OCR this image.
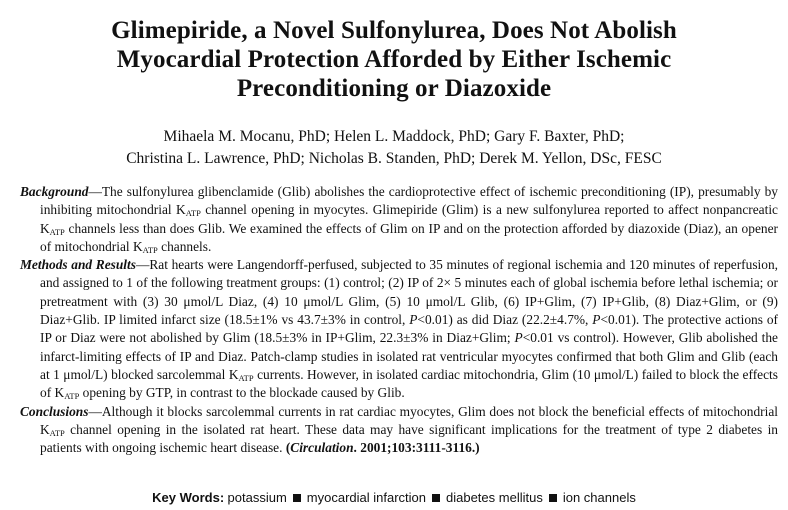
Glimepiride, a Novel Sulfonylurea, Does Not Abolish
Myocardial Protection Afforded by Either Ischemic
Preconditioning or Diazoxide
Mihaela M. Mocanu, PhD; Helen L. Maddock, PhD; Gary F. Baxter, PhD;
Christina L. Lawrence, PhD; Nicholas B. Standen, PhD; Derek M. Yellon, DSc, FESC

Background—The sulfonylurea glibenclamide (Glib) abolishes the cardioprotective effect of ischemic preconditioning (IP), presumably by inhibiting mitochondrial $K_{ATP}$ channel opening in myocytes. Glimepiride (Glim) is a new sulfonylurea reported to affect nonpancreatic $K_{ATP}$ channels less than does Glib. We examined the effects of Glim on IP and on the protection afforded by diazoxide (Diaz), an opener of mitochondrial $K_{ATP}$ channels.

Methods and Results—Rat hearts were Langendorff-perfused, subjected to 35 minutes of regional ischemia and 120 minutes of reperfusion, and assigned to 1 of the following treatment groups: (1) control; (2) IP of 2× 5 minutes each of global ischemia before lethal ischemia; or pretreatment with (3) 30 μmol/L Diaz, (4) 10 μmol/L Glim, (5) 10 μmol/L Glib, (6) IP+Glim, (7) IP+Glib, (8) Diaz+Glim, or (9) Diaz+Glib. IP limited infarct size (18.5±1% vs 43.7±3% in control, P<0.01) as did Diaz (22.2±4.7%, P<0.01). The protective actions of IP or Diaz were not abolished by Glim (18.5±3% in IP+Glim, 22.3±3% in Diaz+Glim; P<0.01 vs control). However, Glib abolished the infarct-limiting effects of IP and Diaz. Patch-clamp studies in isolated rat ventricular myocytes confirmed that both Glim and Glib (each at 1 μmol/L) blocked sarcolemmal $K_{ATP}$ currents. However, in isolated cardiac mitochondria, Glim (10 μmol/L) failed to block the effects of $K_{ATP}$ opening by GTP, in contrast to the blockade caused by Glib.

Conclusions—Although it blocks sarcolemmal currents in rat cardiac myocytes, Glim does not block the beneficial effects of mitochondrial $K_{ATP}$ channel opening in the isolated rat heart. These data may have significant implications for the treatment of type 2 diabetes in patients with ongoing ischemic heart disease. (Circulation. 2001;103:3111-3116.)

Key Words: potassium myocardial infarction diabetes mellitus ion channels
